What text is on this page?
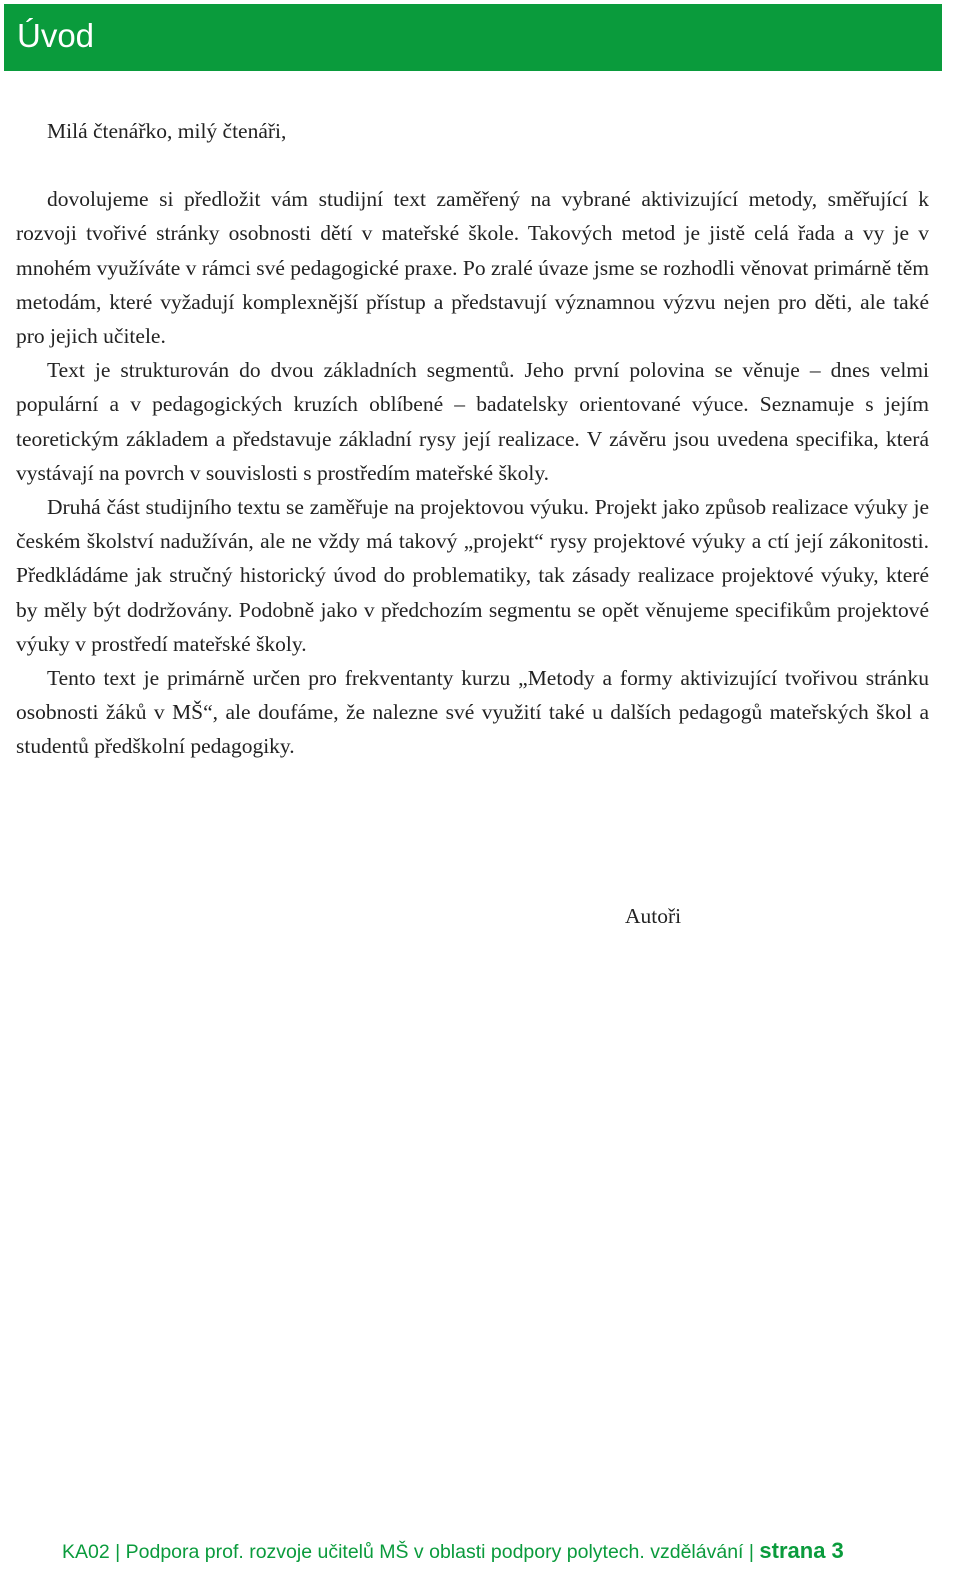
Úvod

Milá čtenářko, milý čtenáři,

dovolujeme si předložit vám studijní text zaměřený na vybrané aktivizující metody, směřující k rozvoji tvořivé stránky osobnosti dětí v mateřské škole. Takových metod je jistě celá řada a vy je v mnohém využíváte v rámci své pedagogické praxe. Po zralé úvaze jsme se rozhodli věnovat primárně těm metodám, které vyžadují komplexnější přístup a představují významnou výzvu nejen pro děti, ale také pro jejich učitele.

Text je strukturován do dvou základních segmentů. Jeho první polovina se věnuje – dnes velmi populární a v pedagogických kruzích oblíbené – badatelsky orientované výuce. Seznamuje s jejím teoretickým základem a představuje základní rysy její realizace. V závěru jsou uvedena specifika, která vystávají na povrch v souvislosti s prostředím mateřské školy.

Druhá část studijního textu se zaměřuje na projektovou výuku. Projekt jako způsob realizace výuky je českém školství nadužíván, ale ne vždy má takový „projekt“ rysy projektové výuky a ctí její zákonitosti. Předkládáme jak stručný historický úvod do problematiky, tak zásady realizace projektové výuky, které by měly být dodržovány. Podobně jako v předchozím segmentu se opět věnujeme specifikům projektové výuky v prostředí mateřské školy.

Tento text je primárně určen pro frekventanty kurzu „Metody a formy aktivizující tvořivou stránku osobnosti žáků v MŠ“, ale doufáme, že nalezne své využití také u dalších pedagogů mateřských škol a studentů předškolní pedagogiky.

Autoři

KA02 | Podpora prof. rozvoje učitelů MŠ v oblasti podpory polytech. vzdělávání | strana 3
